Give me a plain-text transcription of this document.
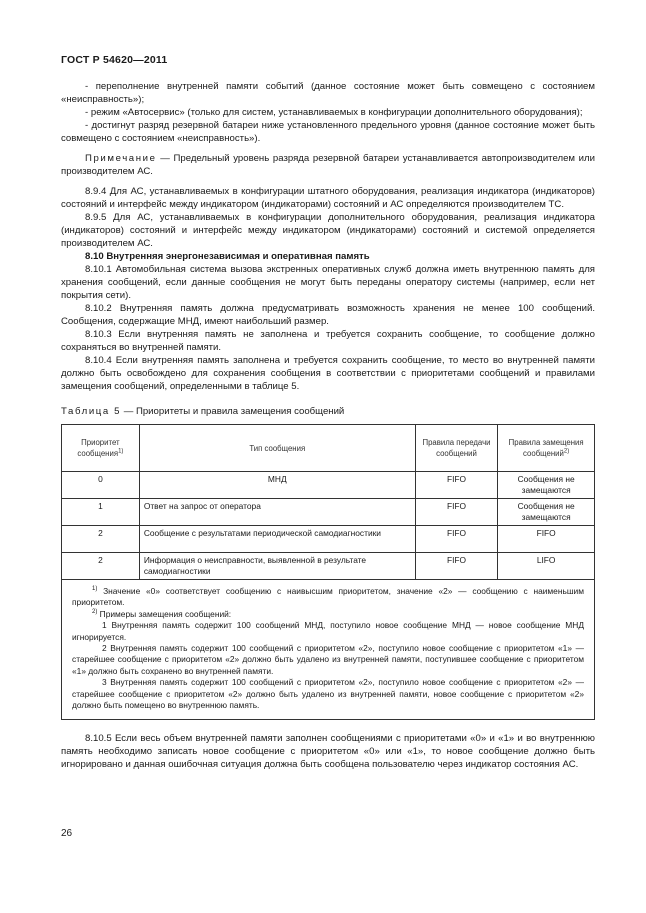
ГОСТ Р 54620—2011

- переполнение внутренней памяти событий (данное состояние может быть совмещено с состоянием «неисправность»);

- режим «Автосервис» (только для систем, устанавливаемых в конфигурации дополнительного оборудования);

- достигнут разряд резервной батареи ниже установленного предельного уровня (данное состояние может быть совмещено с состоянием «неисправность»).

Примечание — Предельный уровень разряда резервной батареи устанавливается автопроизводителем или производителем АС.

8.9.4 Для АС, устанавливаемых в конфигурации штатного оборудования, реализация индикатора (индикаторов) состояний и интерфейс между индикатором (индикаторами) состояний и АС определяются производителем ТС.

8.9.5 Для АС, устанавливаемых в конфигурации дополнительного оборудования, реализация индикатора (индикаторов) состояний и интерфейс между индикатором (индикаторами) состояний и системой определяется производителем АС.

8.10 Внутренняя энергонезависимая и оперативная память

8.10.1 Автомобильная система вызова экстренных оперативных служб должна иметь внутреннюю память для хранения сообщений, если данные сообщения не могут быть переданы оператору системы (например, если нет покрытия сети).

8.10.2 Внутренняя память должна предусматривать возможность хранения не менее 100 сообщений. Сообщения, содержащие МНД, имеют наибольший размер.

8.10.3 Если внутренняя память не заполнена и требуется сохранить сообщение, то сообщение должно сохраняться во внутренней памяти.

8.10.4 Если внутренняя память заполнена и требуется сохранить сообщение, то место во внутренней памяти должно быть освобождено для сохранения сообщения в соответствии с приоритетами сообщений и правилами замещения сообщений, определенными в таблице 5.

Таблица 5 — Приоритеты и правила замещения сообщений

Приоритет сообщения$^{1)}$	Тип сообщения	Правила передачи сообщений	Правила замещения сообщений$^{2)}$
0	МНД	FIFO	Сообщения не замещаются
1	Ответ на запрос от оператора	FIFO	Сообщения не замещаются
2	Сообщение с результатами периодической самодиагностики	FIFO	FIFO
2	Информация о неисправности, выявленной в результате самодиагностики	FIFO	LIFO

$^{1)}$ Значение «0» соответствует сообщению с наивысшим приоритетом, значение «2» — сообщению с наименьшим приоритетом.

$^{2)}$ Примеры замещения сообщений:

1 Внутренняя память содержит 100 сообщений МНД, поступило новое сообщение МНД — новое сообщение МНД игнорируется.

2 Внутренняя память содержит 100 сообщений с приоритетом «2», поступило новое сообщение с приоритетом «1» — старейшее сообщение с приоритетом «2» должно быть удалено из внутренней памяти, поступившее сообщение с приоритетом «1» должно быть сохранено во внутренней памяти.

3 Внутренняя память содержит 100 сообщений с приоритетом «2», поступило новое сообщение с приоритетом «2» — старейшее сообщение с приоритетом «2» должно быть удалено из внутренней памяти, новое сообщение с приоритетом «2» должно быть помещено во внутреннюю память.			

8.10.5 Если весь объем внутренней памяти заполнен сообщениями с приоритетами «0» и «1» и во внутреннюю память необходимо записать новое сообщение с приоритетом «0» или «1», то новое сообщение должно быть игнорировано и данная ошибочная ситуация должна быть сообщена пользователю через индикатор состояния АС.

26
